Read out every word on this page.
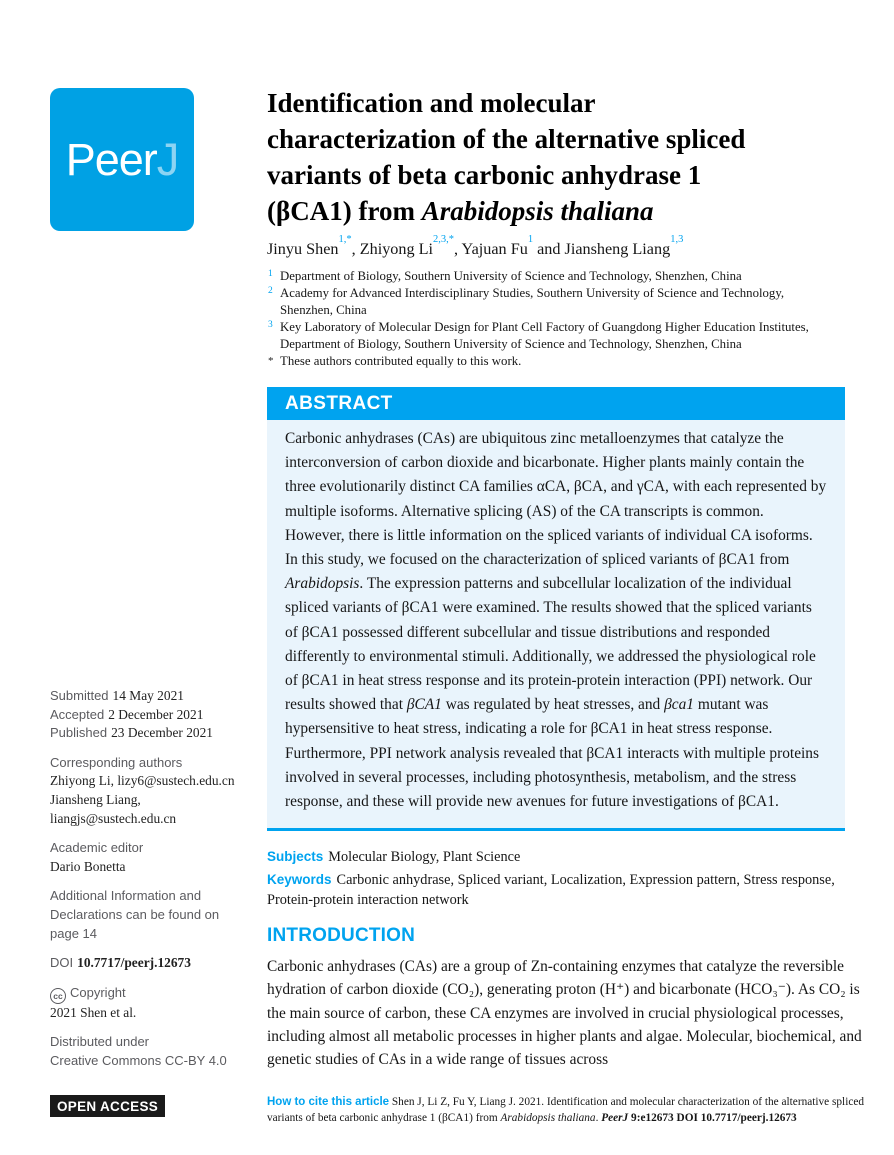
PeerJ
Identification and molecular
characterization of the alternative spliced
variants of beta carbonic anhydrase 1
(βCA1) from Arabidopsis thaliana
Jinyu Shen$^{1,*}$, Zhiyong $Li^{2,3,*}$, Yajuan Fu$^1$ and Jiansheng Liang$^{1,3}$
1 Department of Biology, Southern University of Science and Technology, Shenzhen, China
2 Academy for Advanced Interdisciplinary Studies, Southern University of Science and Technology, Shenzhen, China
3 Key Laboratory of Molecular Design for Plant Cell Factory of Guangdong Higher Education Institutes, Department of Biology, Southern University of Science and Technology, Shenzhen, China
* These authors contributed equally to this work.
ABSTRACT
Carbonic anhydrases (CAs) are ubiquitous zinc metalloenzymes that catalyze the interconversion of carbon dioxide and bicarbonate. Higher plants mainly contain the three evolutionarily distinct CA families αCA, βCA, and γCA, with each represented by multiple isoforms. Alternative splicing (AS) of the CA transcripts is common. However, there is little information on the spliced variants of individual CA isoforms. In this study, we focused on the characterization of spliced variants of βCA1 from Arabidopsis. The expression patterns and subcellular localization of the individual spliced variants of βCA1 were examined. The results showed that the spliced variants of βCA1 possessed different subcellular and tissue distributions and responded differently to environmental stimuli. Additionally, we addressed the physiological role of βCA1 in heat stress response and its protein-protein interaction (PPI) network. Our results showed that βCA1 was regulated by heat stresses, and βca1 mutant was hypersensitive to heat stress, indicating a role for βCA1 in heat stress response. Furthermore, PPI network analysis revealed that βCA1 interacts with multiple proteins involved in several processes, including photosynthesis, metabolism, and the stress response, and these will provide new avenues for future investigations of βCA1.
Subjects Molecular Biology, Plant Science
Keywords Carbonic anhydrase, Spliced variant, Localization, Expression pattern, Stress response, Protein-protein interaction network
INTRODUCTION
Carbonic anhydrases (CAs) are a group of Zn-containing enzymes that catalyze the reversible hydration of carbon dioxide (CO₂), generating proton (H⁺) and bicarbonate (HCO₃⁻). As CO₂ is the main source of carbon, these CA enzymes are involved in crucial physiological processes, including almost all metabolic processes in higher plants and algae. Molecular, biochemical, and genetic studies of CAs in a wide range of tissues across
Submitted 14 May 2021
Accepted 2 December 2021
Published 23 December 2021
Corresponding authors
Zhiyong Li, lizy6@sustech.edu.cn
Jiansheng Liang,
liangjs@sustech.edu.cn
Academic editor
Dario Bonetta
Additional Information and Declarations can be found on page 14
DOI 10.7717/peerj.12673
cc Copyright
2021 Shen et al.
Distributed under
Creative Commons CC-BY 4.0
OPEN ACCESS	How to cite this article Shen J, Li Z, Fu Y, Liang J. 2021. Identification and molecular characterization of the alternative spliced variants of beta carbonic anhydrase 1 (βCA1) from Arabidopsis thaliana. PeerJ 9:e12673 DOI 10.7717/peerj.12673
